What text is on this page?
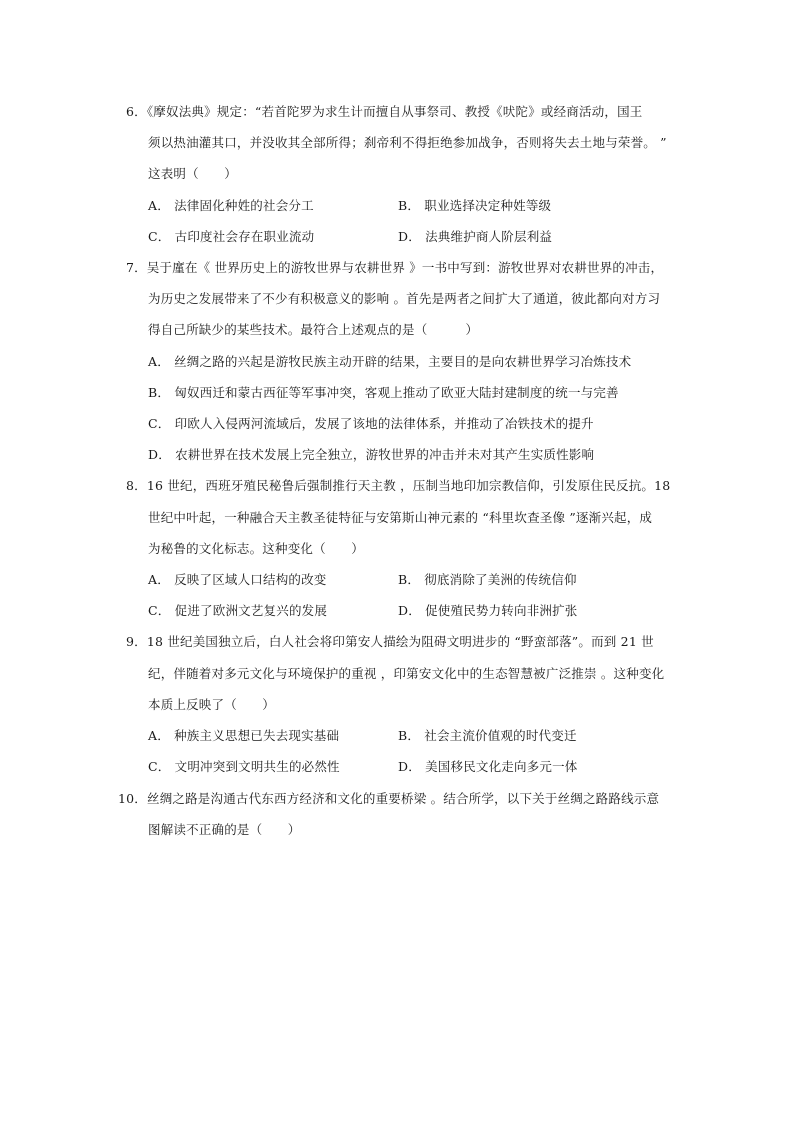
6．《摩奴法典》规定：“若首陀罗为求生计而擅自从事祭司、教授《吠陀》或经商活动，国王
须以热油灌其口，并没收其全部所得；刹帝利不得拒绝参加战争，否则将失去土地与荣誉。 ”
这表明（　　）
A． 法律固化种姓的社会分工	B． 职业选择决定种姓等级
C． 古印度社会存在职业流动	D． 法典维护商人阶层利益
7．吴于廑在《 世界历史上的游牧世界与农耕世界 》一书中写到：游牧世界对农耕世界的冲击，
为历史之发展带来了不少有积极意义的影响 。首先是两者之间扩大了通道，彼此都向对方习
得自己所缺少的某些技术。最符合上述观点的是（　　　）
A． 丝绸之路的兴起是游牧民族主动开辟的结果，主要目的是向农耕世界学习冶炼技术
B． 匈奴西迁和蒙古西征等军事冲突，客观上推动了欧亚大陆封建制度的统一与完善
C． 印欧人入侵两河流域后，发展了该地的法律体系，并推动了冶铁技术的提升
D． 农耕世界在技术发展上完全独立，游牧世界的冲击并未对其产生实质性影响
8．16 世纪，西班牙殖民秘鲁后强制推行天主教 ，压制当地印加宗教信仰，引发原住民反抗。18
世纪中叶起，一种融合天主教圣徒特征与安第斯山神元素的 “科里坎查圣像 ”逐渐兴起，成
为秘鲁的文化标志。这种变化（　　）
A． 反映了区域人口结构的改变	B． 彻底消除了美洲的传统信仰
C． 促进了欧洲文艺复兴的发展	D． 促使殖民势力转向非洲扩张
9．18 世纪美国独立后，白人社会将印第安人描绘为阻碍文明进步的 “野蛮部落”。而到 21 世
纪，伴随着对多元文化与环境保护的重视 ，印第安文化中的生态智慧被广泛推崇 。这种变化
本质上反映了（　　）
A． 种族主义思想已失去现实基础	B． 社会主流价值观的时代变迁
C． 文明冲突到文明共生的必然性	D． 美国移民文化走向多元一体
10．丝绸之路是沟通古代东西方经济和文化的重要桥梁 。结合所学，以下关于丝绸之路路线示意
图解读不正确的是（　　）
